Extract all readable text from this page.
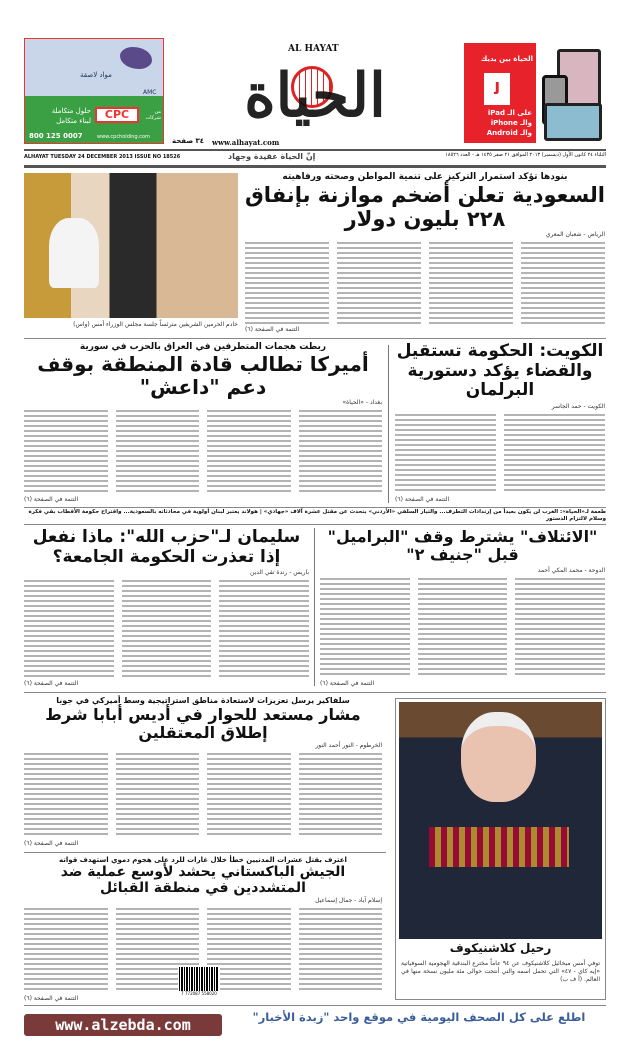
مواد لاصقة
AMC
CPC
حلول متكاملة
لبناء متكامل
من شركات
800 125 0007	www.cpcholding.com
AL HAYAT
الحياة
www.alhayat.com
٣٤ صفحة
الحياة بين يديك
ﻟ
على الـ iPad
والـ iPhone
والـ Android
ALHAYAT TUESDAY 24 DECEMBER 2013 ISSUE NO 18526	إنّ الحياة عقيدة وجهاد	الثلثاء ٢٤ كانون الأول (ديسمبر) ٢٠١٣ الموافق ٢١ صفر ١٤٣٥ هـ - العدد ١٨٥٢٦
خادم الحرمين الشريفين مترئساً جلسة مجلس الوزراء أمس (واس)
بنودها تؤكد استمرار التركيز على تنمية المواطن وصحته ورفاهيته
السعودية تعلن أضخم موازنة بإنفاق ٢٢٨ بليون دولار
الرياض - شعبان المعري
التتمة في الصفحة (٦)
الكويت: الحكومة تستقيل
والقضاء يؤكد دستورية البرلمان
الكويت - حمد الجاسر
التتمة في الصفحة (٦)
ربطت هجمات المتطرفين في العراق بالحرب في سورية
أميركا تطالب قادة المنطقة بوقف دعم "داعش"
بغداد - «الحياة»
التتمة في الصفحة (٦)
طعمة لـ«الحياة»: الغرب لن يكون بعيداً من إرتدادات التطرف... والتيار السلفي «الأردني» يتحدث عن مقتل عشرة آلاف «جهادي» | هولاند يعتبر لبنان أولوية في محادثاته بالسعودية... واقتراح حكومة الأقطاب بقي فكرة وسلام لالتزام الدستور
"الائتلاف" يشترط وقف "البراميل" قبل "جنيف ٢"
الدوحة - محمد المكي أحمد
التتمة في الصفحة (٦)
سليمان لـ"حزب الله": ماذا نفعل
إذا تعذرت الحكومة الجامعة؟
باريس - رندة تقي الدين
التتمة في الصفحة (٦)
سلفاكير يرسل تعزيزات لاستعادة مناطق استراتيجية وسط أميركي في جوبا
مشار مستعد للحوار في أديس أبابا شرط إطلاق المعتقلين
الخرطوم - النور أحمد النور
التتمة في الصفحة (٦)
رحيل كلاشنيكوف
توفي أمس ميخائيل كلاشنيكوف عن ٩٤ عاماً مخترع البندقية الهجومية السوفياتية «إيه كاي - ٤٧» التي تحمل اسمه والتي أنتجت حوالى مئة مليون نسخة منها في العالم. (أ ف ب)
اعترف بقتل عشرات المدنيين خطأ خلال غارات للرد على هجوم دموي استهدف قواته
الجيش الباكستاني يحشد لأوسع عملية ضد المتشددين في منطقة القبائل
إسلام آباد - جمال إسماعيل
التتمة في الصفحة (٦)
7 772087 558020
www.alzebda.com	اطلع على كل الصحف اليومية في موقع واحد "زبدة الأخبار"
